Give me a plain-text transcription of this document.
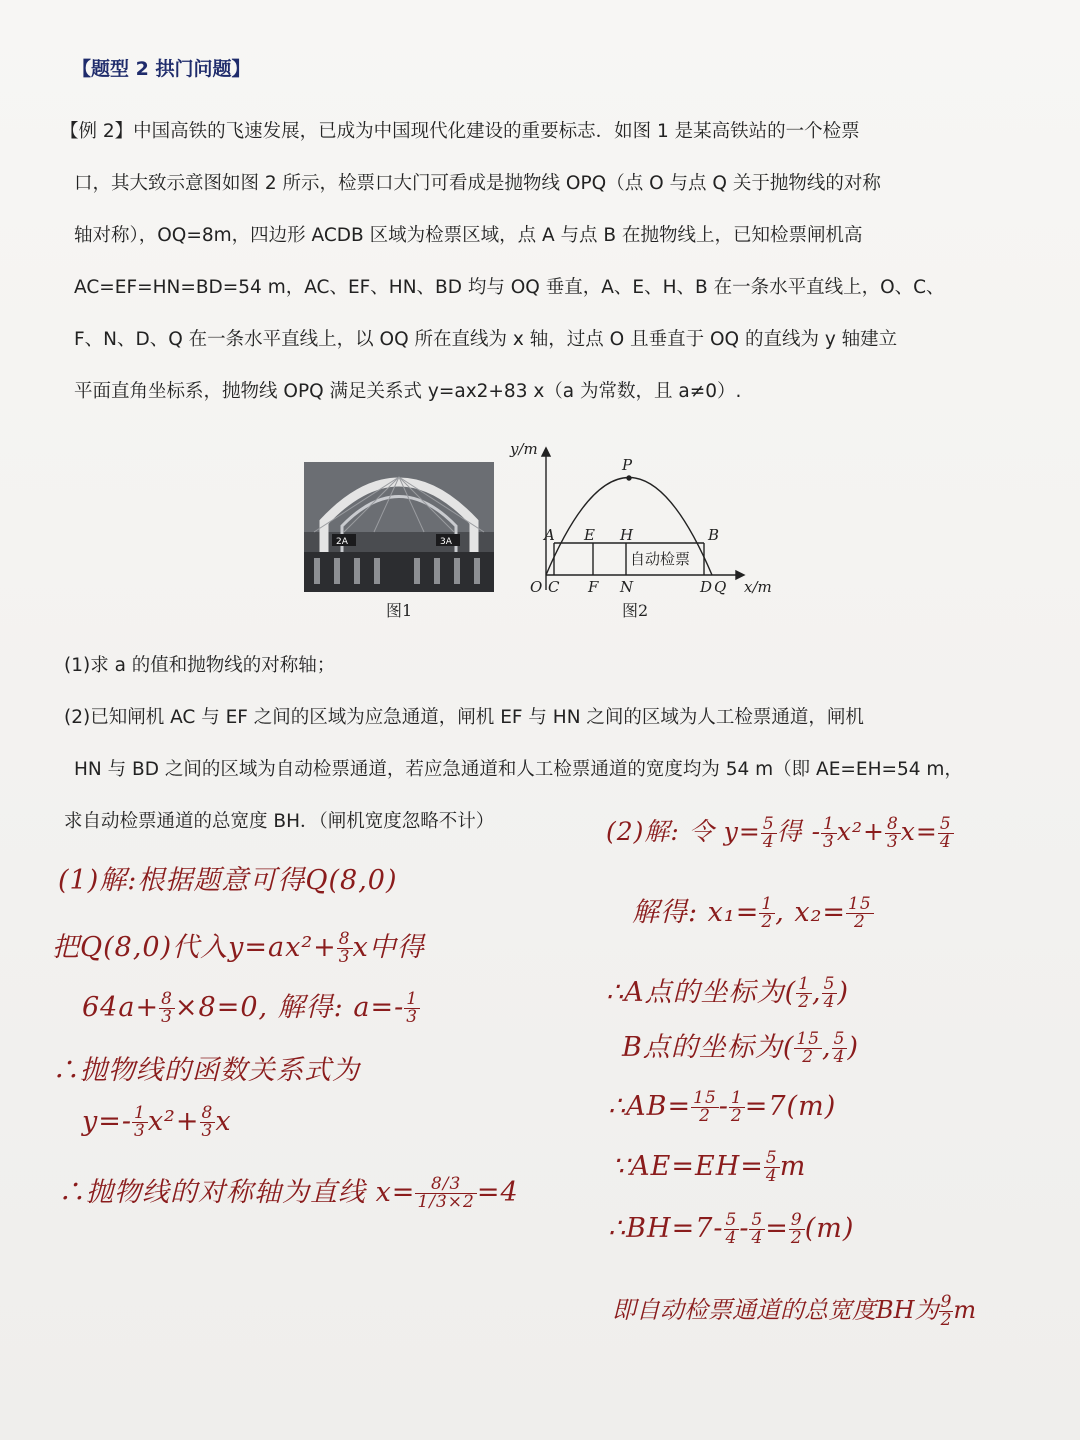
【题型 2 拱门问题】

【例 2】中国高铁的飞速发展，已成为中国现代化建设的重要标志．如图 1 是某高铁站的一个检票

口，其大致示意图如图 2 所示，检票口大门可看成是抛物线 OPQ（点 O 与点 Q 关于抛物线的对称

轴对称），OQ=8m，四边形 ACDB 区域为检票区域，点 A 与点 B 在抛物线上，已知检票闸机高

AC=EF=HN=BD=54 m，AC、EF、HN、BD 均与 OQ 垂直，A、E、H、B 在一条水平直线上，O、C、

F、N、D、Q 在一条水平直线上，以 OQ 所在直线为 x 轴，过点 O 且垂直于 OQ 的直线为 y 轴建立

平面直角坐标系，抛物线 OPQ 满足关系式 y=ax2+83 x（a 为常数，且 a≠0）.

2A	3A
图1
y/m
x/m
P
A E H	B
O C F N	D Q
自动检票
图2

(1)求 a 的值和抛物线的对称轴；

(2)已知闸机 AC 与 EF 之间的区域为应急通道，闸机 EF 与 HN 之间的区域为人工检票通道，闸机

HN 与 BD 之间的区域为自动检票通道，若应急通道和人工检票通道的宽度均为 54 m（即 AE=EH=54 m，

求自动检票通道的总宽度 BH．（闸机宽度忽略不计）

(1)解:根据题意可得Q(8,0)
把Q(8,0)代入$y=ax^2+ \frac{8}{3}$ x中得
$64a+ \frac{8}{3} \times 8=0$, 解得: $a=- \frac{1}{3}$
∴抛物线的函数关系式为
$y=- \frac{1}{3} x^2+ \frac{8}{3}$ x
∴抛物线的对称轴为直线 $x= \frac{8/3}{1/3\times 2} =4$
(2)解: 令 $y= \frac{5}{4}$ 得 - $\frac{1}{3} x^2+ \frac{8}{3} x= \frac{5}{4}$
解得: $x_1= \frac{1}{2}$ , $x_2= \frac{15}{2}$
∴A点的坐标为( $\frac{1}{2}$ , $\frac{5}{4}$ )
B点的坐标为( $\frac{15}{2}$ , $\frac{5}{4}$ )
∴AB= $\frac{15}{2} - \frac{1}{2} =7(m)$
∵AE=EH= $\frac{5}{4}$ m
∴BH=7- $\frac{5}{4} - \frac{5}{4} = \frac{9}{2} (m)$
即自动检票通道的总宽度BH为 $\frac{9}{2}$ m
